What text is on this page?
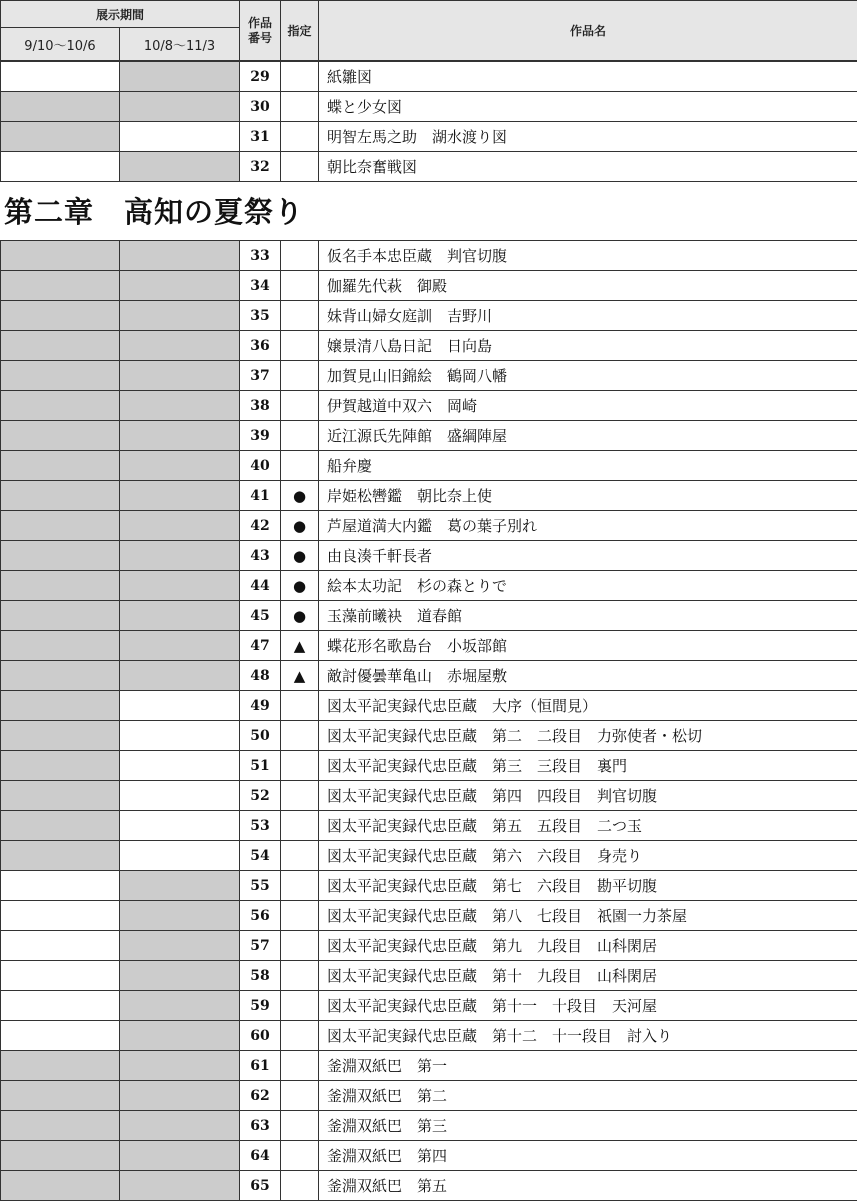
展示期間		作品
番号	指定	作品名
9/10～10/6	10/8～11/3			
		29		紙雛図
		30		蝶と少女図
		31		明智左馬之助　湖水渡り図
		32		朝比奈奮戦図
第二章　高知の夏祭り
		33		仮名手本忠臣蔵　判官切腹
		34		伽羅先代萩　御殿
		35		妹背山婦女庭訓　吉野川
		36		嬢景清八島日記　日向島
		37		加賀見山旧錦絵　鶴岡八幡
		38		伊賀越道中双六　岡崎
		39		近江源氏先陣館　盛綱陣屋
		40		船弁慶
		41	●	岸姫松轡鑑　朝比奈上使
		42	●	芦屋道満大内鑑　葛の葉子別れ
		43	●	由良湊千軒長者
		44	●	絵本太功記　杉の森とりで
		45	●	玉藻前曦袂　道春館
		47	▲	蝶花形名歌島台　小坂部館
		48	▲	敵討優曇華亀山　赤堀屋敷
		49		図太平記実録代忠臣蔵　大序（恒間見）
		50		図太平記実録代忠臣蔵　第二　二段目　力弥使者・松切
		51		図太平記実録代忠臣蔵　第三　三段目　裏門
		52		図太平記実録代忠臣蔵　第四　四段目　判官切腹
		53		図太平記実録代忠臣蔵　第五　五段目　二つ玉
		54		図太平記実録代忠臣蔵　第六　六段目　身売り
		55		図太平記実録代忠臣蔵　第七　六段目　勘平切腹
		56		図太平記実録代忠臣蔵　第八　七段目　祇園一力茶屋
		57		図太平記実録代忠臣蔵　第九　九段目　山科閑居
		58		図太平記実録代忠臣蔵　第十　九段目　山科閑居
		59		図太平記実録代忠臣蔵　第十一　十段目　天河屋
		60		図太平記実録代忠臣蔵　第十二　十一段目　討入り
		61		釜淵双紙巴　第一
		62		釜淵双紙巴　第二
		63		釜淵双紙巴　第三
		64		釜淵双紙巴　第四
		65		釜淵双紙巴　第五
